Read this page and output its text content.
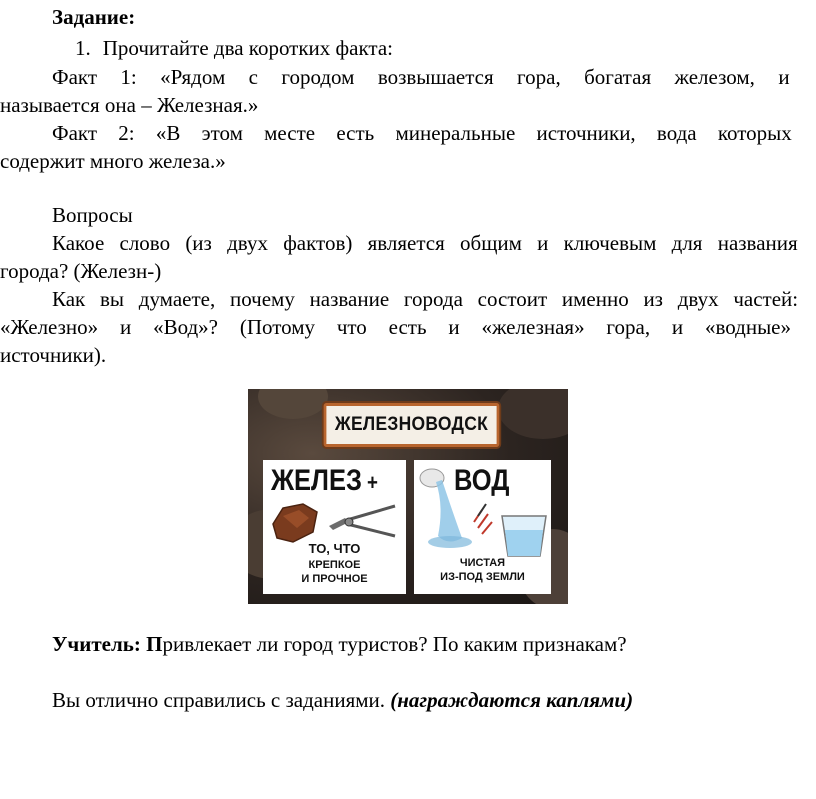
Задание:
1. Прочитайте два коротких факта:
Факт 1: «Рядом с городом возвышается гора, богатая железом, и
называется она – Железная.»
Факт 2: «В этом месте есть минеральные источники, вода которых
содержит много железа.»
Вопросы
Какое слово (из двух фактов) является общим и ключевым для названия
города? (Железн-)
Как вы думаете, почему название города состоит именно из двух частей:
«Железно» и «Вод»? (Потому что есть и «железная» гора, и «водные»
источники).
ЖЕЛЕЗНОВОДСК
ЖЕЛЕЗ +
ТО, ЧТО
КРЕПКОЕ
И ПРОЧНОЕ
ВОД
ЧИСТАЯ
ИЗ-ПОД ЗЕМЛИ
Учитель: Привлекает ли город туристов? По каким признакам?
Вы отлично справились с заданиями. (награждаются каплями)
